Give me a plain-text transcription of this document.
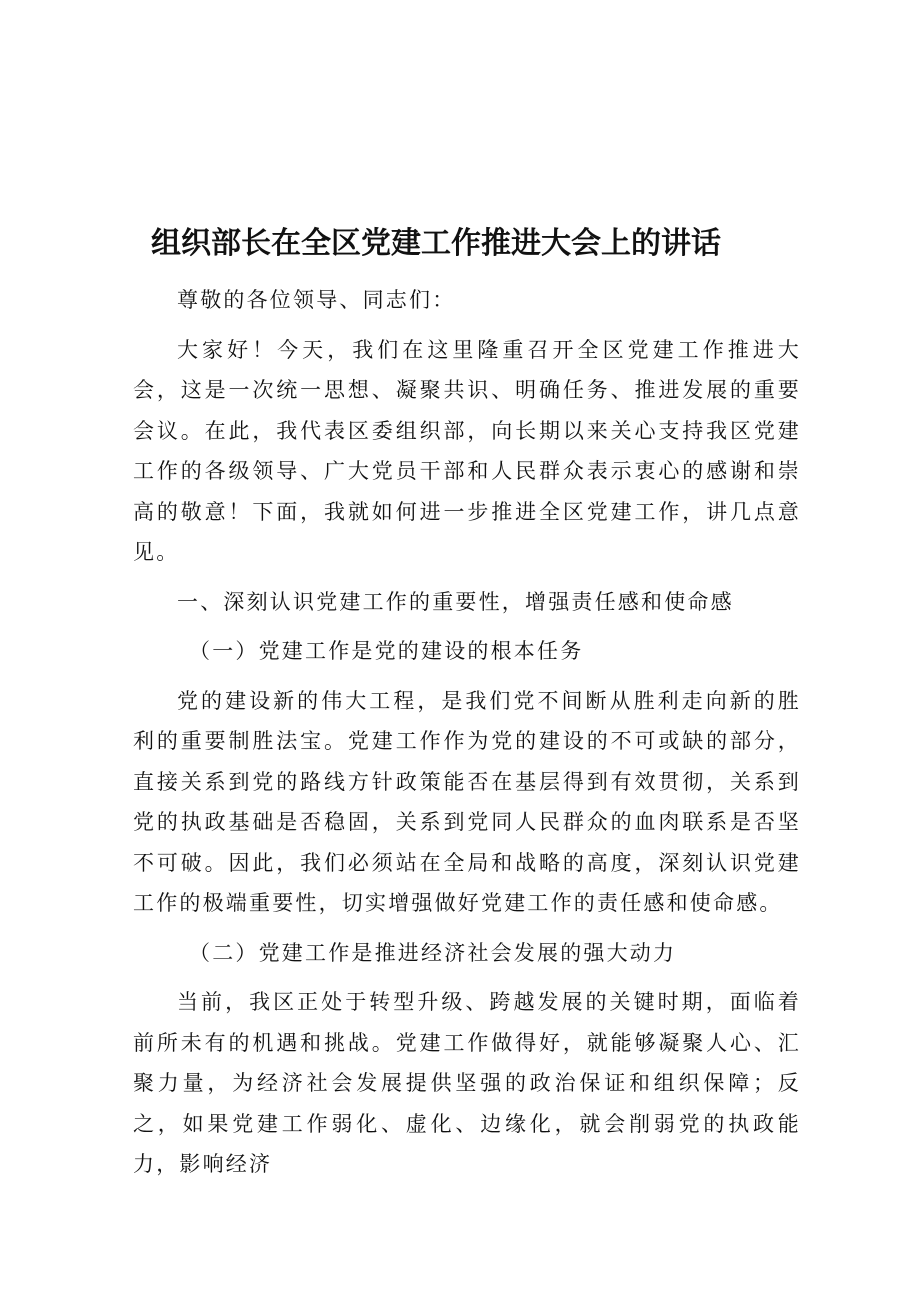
组织部长在全区党建工作推进大会上的讲话

尊敬的各位领导、同志们：

大家好！今天，我们在这里隆重召开全区党建工作推进大会，这是一次统一思想、凝聚共识、明确任务、推进发展的重要会议。在此，我代表区委组织部，向长期以来关心支持我区党建工作的各级领导、广大党员干部和人民群众表示衷心的感谢和崇高的敬意！下面，我就如何进一步推进全区党建工作，讲几点意见。

一、深刻认识党建工作的重要性，增强责任感和使命感

（一）党建工作是党的建设的根本任务

党的建设新的伟大工程，是我们党不间断从胜利走向新的胜利的重要制胜法宝。党建工作作为党的建设的不可或缺的部分，直接关系到党的路线方针政策能否在基层得到有效贯彻，关系到党的执政基础是否稳固，关系到党同人民群众的血肉联系是否坚不可破。因此，我们必须站在全局和战略的高度，深刻认识党建工作的极端重要性，切实增强做好党建工作的责任感和使命感。

（二）党建工作是推进经济社会发展的强大动力

当前，我区正处于转型升级、跨越发展的关键时期，面临着前所未有的机遇和挑战。党建工作做得好，就能够凝聚人心、汇聚力量，为经济社会发展提供坚强的政治保证和组织保障；反之，如果党建工作弱化、虚化、边缘化，就会削弱党的执政能力，影响经济
